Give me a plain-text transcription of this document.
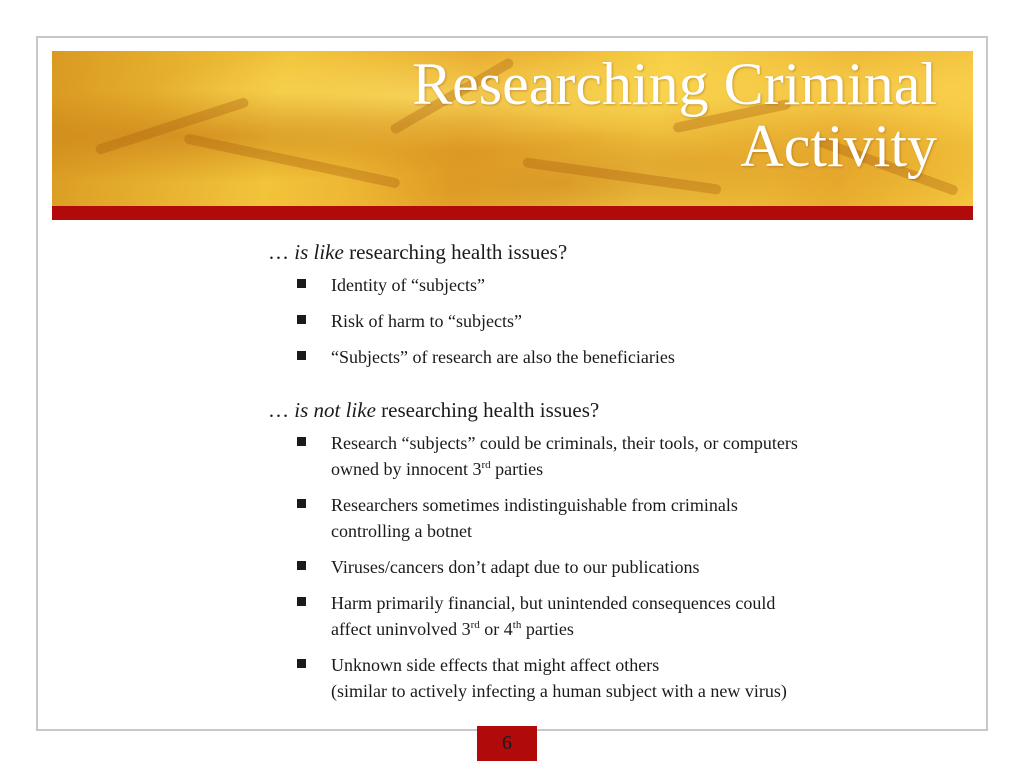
Researching Criminal
Activity

… is like researching health issues?

Identity of “subjects”
Risk of harm to “subjects”
“Subjects” of research are also the beneficiaries

… is not like researching health issues?

Research “subjects” could be criminals, their tools, or computers
owned by innocent 3rd parties
Researchers sometimes indistinguishable from criminals
controlling a botnet
Viruses/cancers don’t adapt due to our publications
Harm primarily financial, but unintended consequences could
affect uninvolved 3rd or 4th parties
Unknown side effects that might affect others
(similar to actively infecting a human subject with a new virus)
6
